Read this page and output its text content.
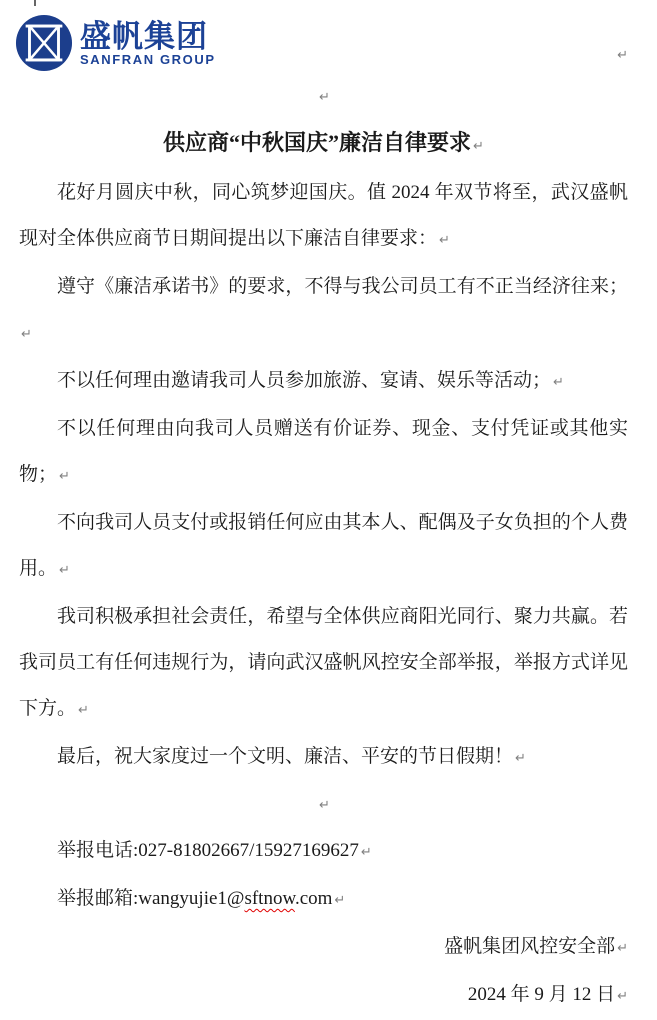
盛帆集团
SANFRAN GROUP	↵
↵
供应商“中秋国庆”廉洁自律要求 ↵

花好月圆庆中秋，同心筑梦迎国庆。值 2024 年双节将至，武汉盛帆现对全体供应商节日期间提出以下廉洁自律要求： ↵

遵守《廉洁承诺书》的要求，不得与我公司员工有不正当经济往来；↵

不以任何理由邀请我司人员参加旅游、宴请、娱乐等活动； ↵

不以任何理由向我司人员赠送有价证券、现金、支付凭证或其他实物； ↵

不向我司人员支付或报销任何应由其本人、配偶及子女负担的个人费用。 ↵

我司积极承担社会责任，希望与全体供应商阳光同行、聚力共赢。若我司员工有任何违规行为，请向武汉盛帆风控安全部举报，举报方式详见下方。 ↵

最后，祝大家度过一个文明、廉洁、平安的节日假期！ ↵

↵

举报电话:027-81802667/15927169627 ↵

举报邮箱:wangyujie1@sftnow.com ↵

盛帆集团风控安全部 ↵

2024 年 9 月 12 日 ↵
